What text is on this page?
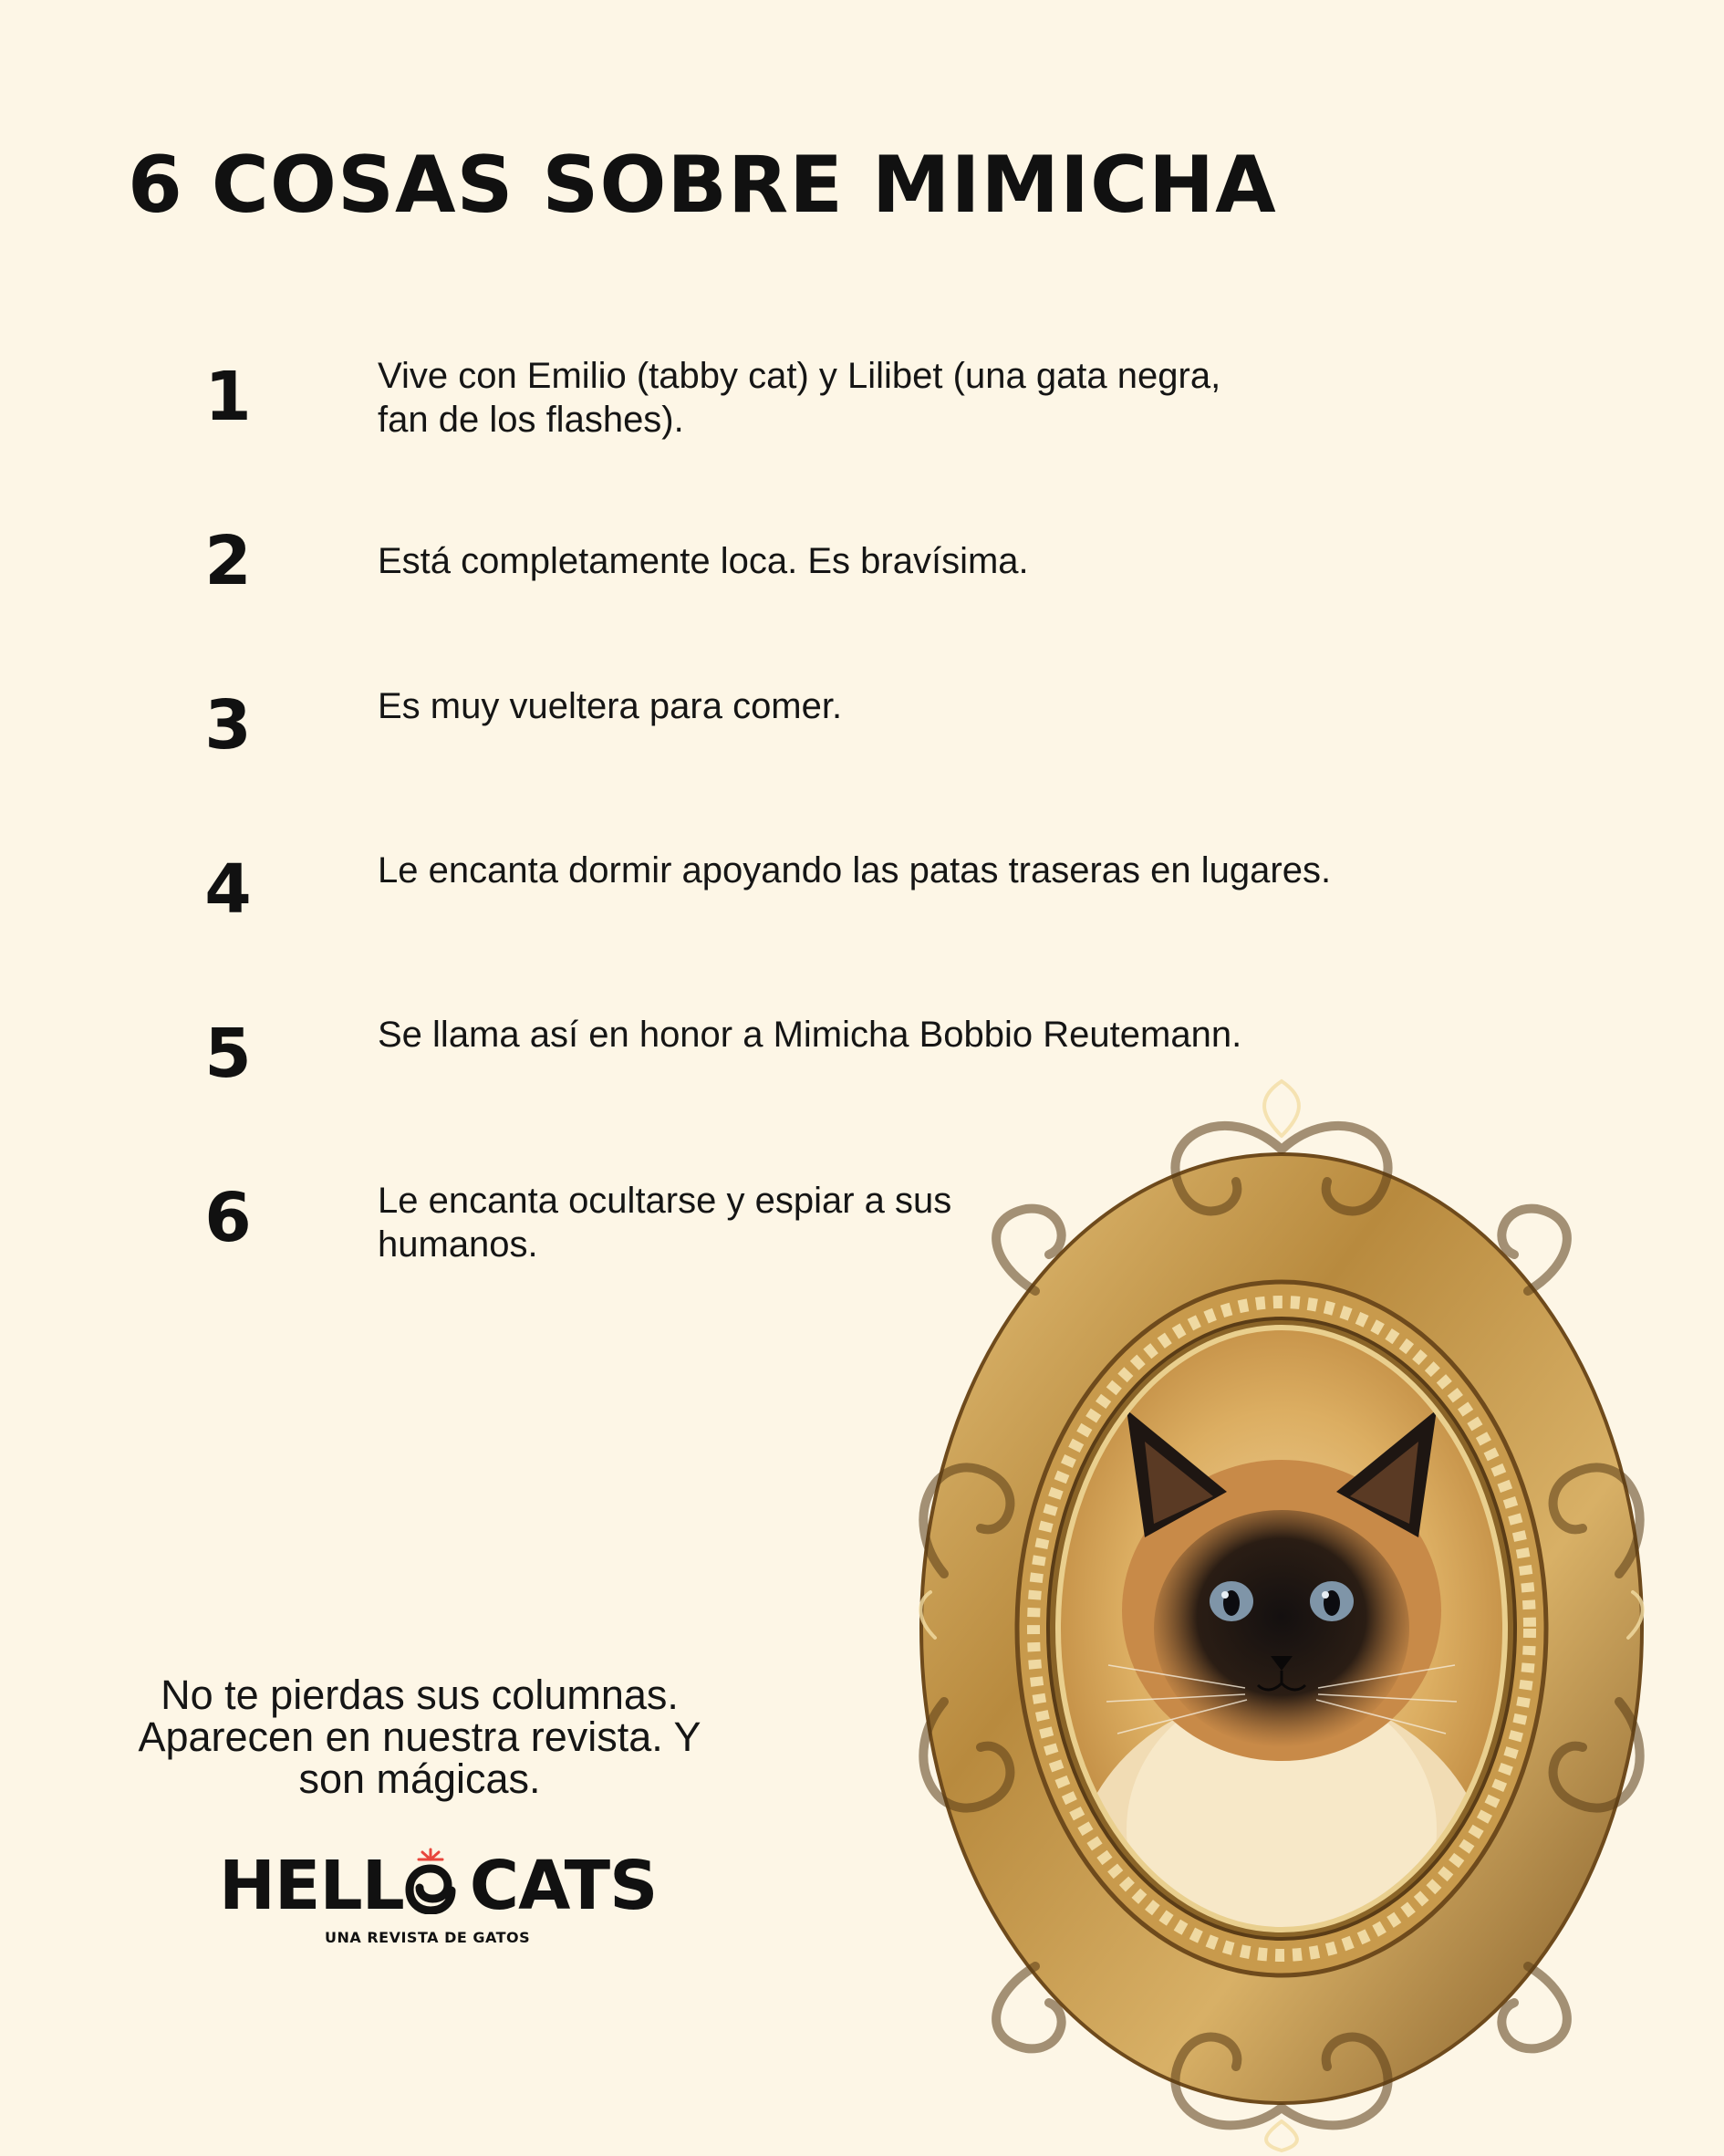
6 COSAS SOBRE MIMICHA
1	Vive con Emilio (tabby cat) y Lilibet (una gata negra,
fan de los flashes).
2	Está completamente loca. Es bravísima.
3	Es muy vueltera para comer.
4	Le encanta dormir apoyando las patas traseras en lugares.
5	Se llama así en honor a Mimicha Bobbio Reutemann.
6	Le encanta ocultarse y espiar a sus
humanos.
No te pierdas sus columnas.
Aparecen en nuestra revista. Y
son mágicas.
HELL CATS
UNA REVISTA DE GATOS
